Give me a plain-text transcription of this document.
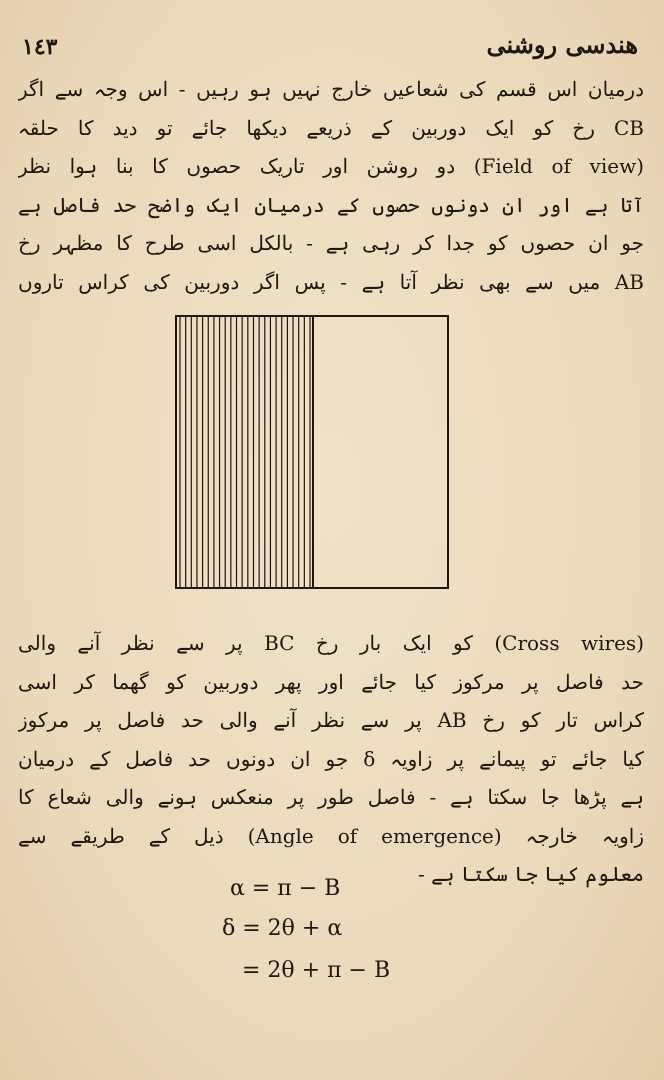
١٤٣	هندسی روشنی
درمیان اس قسم کی شعاعیں خارج نہیں ہو رہیں - اس وجہ سے اگر
CB رخ کو ایک دوربین کے ذریعے دیکھا جائے تو دید کا حلقہ
(Field of view) دو روشن اور تاریک حصوں کا بنا ہوا نظر
آتا ہے اور ان دونوں حصوں کے درمیان ایک واضح حد فاصل ہے
جو ان حصوں کو جدا کر رہی ہے - بالکل اسی طرح کا مظہر رخ
AB میں سے بھی نظر آتا ہے - پس اگر دوربین کی کراس تاروں
(Cross wires) کو ایک بار رخ BC پر سے نظر آنے والی
حد فاصل پر مرکوز کیا جائے اور پھر دوربین کو گھما کر اسی
کراس تار کو رخ AB پر سے نظر آنے والی حد فاصل پر مرکوز
کیا جائے تو پیمانے پر زاویہ δ جو ان دونوں حد فاصل کے درمیان
ہے پڑھا جا سکتا ہے - فاصل طور پر منعکس ہونے والی شعاع کا
زاویہ خارجہ (Angle of emergence) ذیل کے طریقے سے
معلوم کیا جا سکتا ہے -
α = π − B
δ = 2θ + α
= 2θ + π − B
